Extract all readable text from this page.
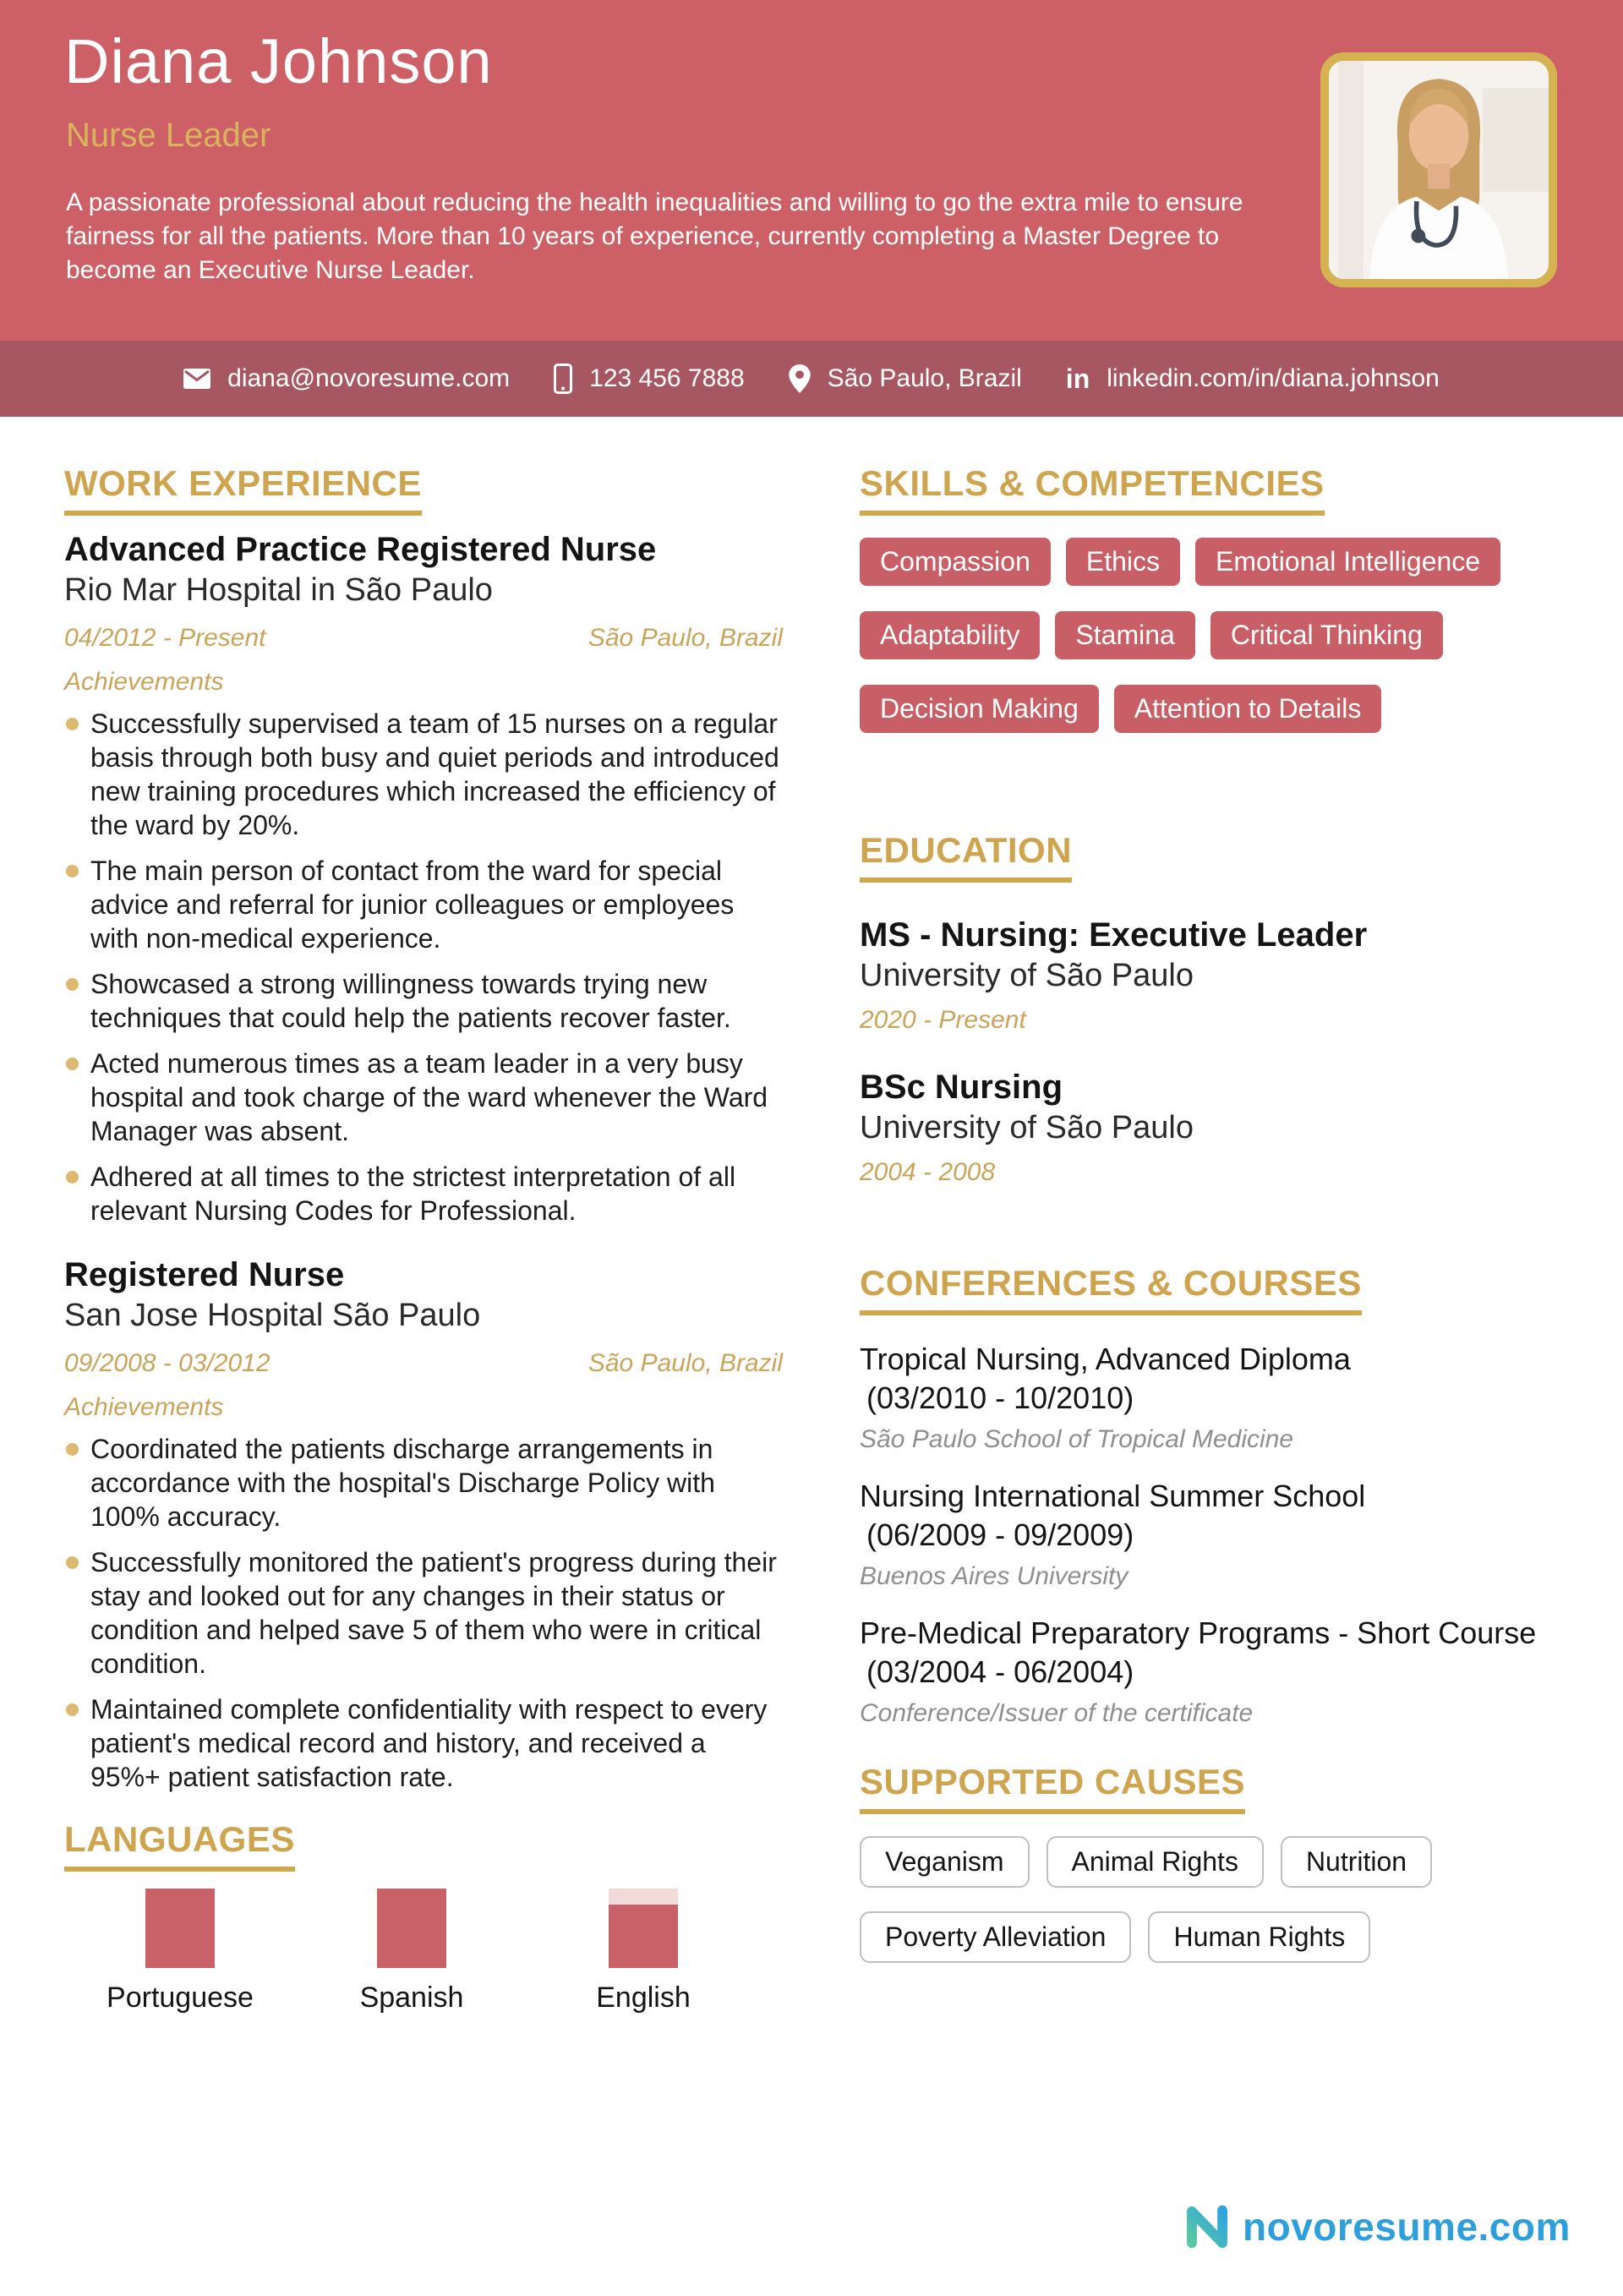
Diana Johnson
Nurse Leader
A passionate professional about reducing the health inequalities and willing to go the extra mile to ensure fairness for all the patients. More than 10 years of experience, currently completing a Master Degree to become an Executive Nurse Leader.
diana@novoresume.com	123 456 7888	São Paulo, Brazil in linkedin.com/in/diana.johnson
WORK EXPERIENCE
Advanced Practice Registered Nurse
Rio Mar Hospital in São Paulo
04/2012 - Present	São Paulo, Brazil
Achievements
Successfully supervised a team of 15 nurses on a regular basis through both busy and quiet periods and introduced new training procedures which increased the efficiency of the ward by 20%.
The main person of contact from the ward for special advice and referral for junior colleagues or employees with non-medical experience.
Showcased a strong willingness towards trying new techniques that could help the patients recover faster.
Acted numerous times as a team leader in a very busy hospital and took charge of the ward whenever the Ward Manager was absent.
Adhered at all times to the strictest interpretation of all relevant Nursing Codes for Professional.
Registered Nurse
San Jose Hospital São Paulo
09/2008 - 03/2012	São Paulo, Brazil
Achievements
Coordinated the patients discharge arrangements in accordance with the hospital's Discharge Policy with 100% accuracy.
Successfully monitored the patient's progress during their stay and looked out for any changes in their status or condition and helped save 5 of them who were in critical condition.
Maintained complete confidentiality with respect to every patient's medical record and history, and received a 95%+ patient satisfaction rate.
LANGUAGES
Portuguese	Spanish	English
SKILLS & COMPETENCIES
Compassion	Ethics	Emotional Intelligence
Adaptability	Stamina	Critical Thinking
Decision Making	Attention to Details
EDUCATION
MS - Nursing: Executive Leader
University of São Paulo
2020 - Present
BSc Nursing
University of São Paulo
2004 - 2008
CONFERENCES & COURSES
Tropical Nursing, Advanced Diploma
(03/2010 - 10/2010)
São Paulo School of Tropical Medicine
Nursing International Summer School
(06/2009 - 09/2009)
Buenos Aires University
Pre-Medical Preparatory Programs - Short Course
(03/2004 - 06/2004)
Conference/Issuer of the certificate
SUPPORTED CAUSES
Veganism	Animal Rights	Nutrition
Poverty Alleviation	Human Rights
novoresume.com
